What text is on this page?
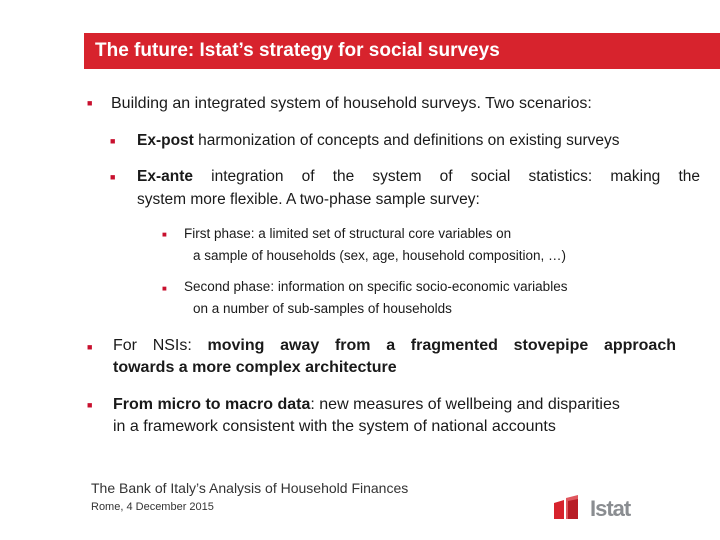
The future: Istat’s strategy for social surveys
■ Building an integrated system of household surveys. Two scenarios:
■ Ex-post harmonization of concepts and definitions on existing surveys
■ Ex-ante integration of the system of social statistics: making the
system more flexible. A two-phase sample survey:
■ First phase: a limited set of structural core variables on
a sample of households (sex, age, household composition, …)
■ Second phase: information on specific socio-economic variables
on a number of sub-samples of households
■ For NSIs: moving away from a fragmented stovepipe approach
towards a more complex architecture
■ From micro to macro data: new measures of wellbeing and disparities
in a framework consistent with the system of national accounts
The Bank of Italy’s Analysis of Household Finances
Rome, 4 December 2015	Istat
